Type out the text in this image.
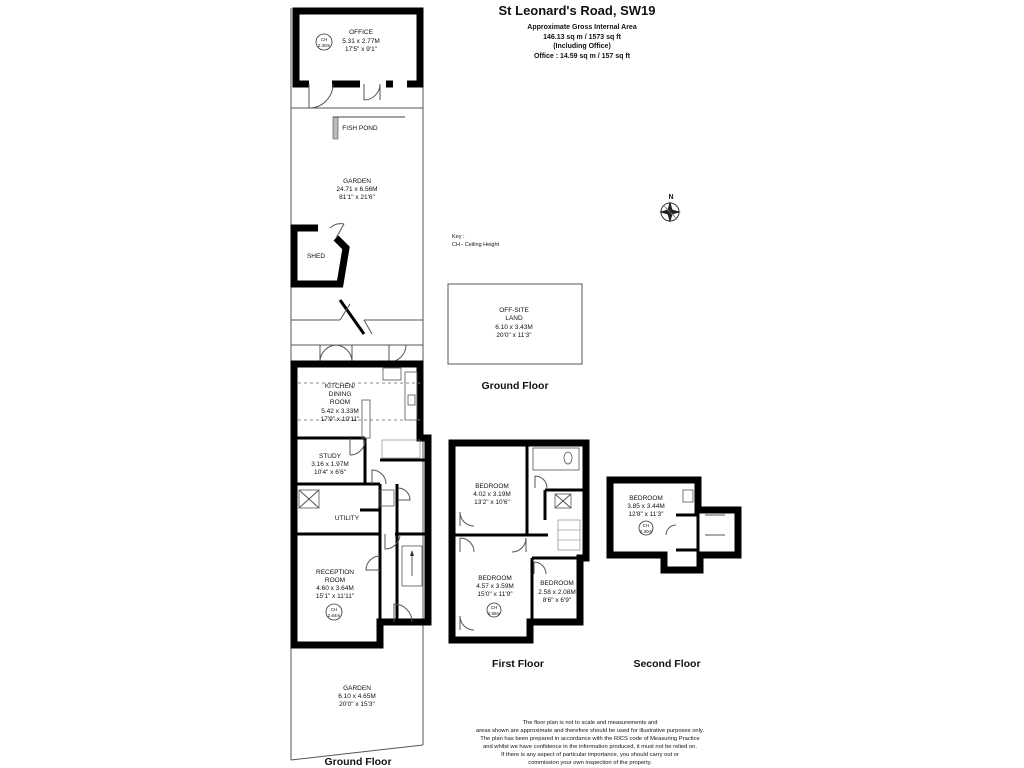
St Leonard's Road, SW19
Approximate Gross Internal Area
146.13 sq m / 1573 sq ft
(Including Office)
Office : 14.59 sq m / 157 sq ft
N
Key :
CH - Ceiling Height
CH
2.30m
OFFICE
5.31 x 2.77M
17'5" x 9'1"
FISH POND
GARDEN
24.71 x 6.56M
81'1" x 21'6"
SHED
KITCHEN/
DINING
ROOM
5.42 x 3.33M
17'9" x 10'11"
STUDY
3.16 x 1.97M
10'4" x 6'6"
UTILITY
RECEPTION
ROOM
4.60 x 3.64M
15'1" x 11'11"
CH
2.64m
GARDEN
6.10 x 4.65M
20'0" x 15'3"
Ground Floor
OFF-SITE
LAND
6.10 x 3.43M
20'0" x 11'3"
Ground Floor
BEDROOM
4.02 x 3.19M
13'2" x 10'6"
BEDROOM
4.57 x 3.59M
15'0" x 11'9"
CH
2.58m
BEDROOM
2.58 x 2.08M
8'6" x 6'9"
First Floor
BEDROOM
3.85 x 3.44M
12'8" x 11'3"
CH
2.30m
Second Floor
The floor plan is not to scale and measurements and
areas shown are approximate and therefore should be used for illustrative purposes only.
The plan has been prepared in accordance with the RICS code of Measuring Practice
and whilst we have confidence in the information produced, it must not be relied on.
If there is any aspect of particular importance, you should carry out or
commission your own inspection of the property.
